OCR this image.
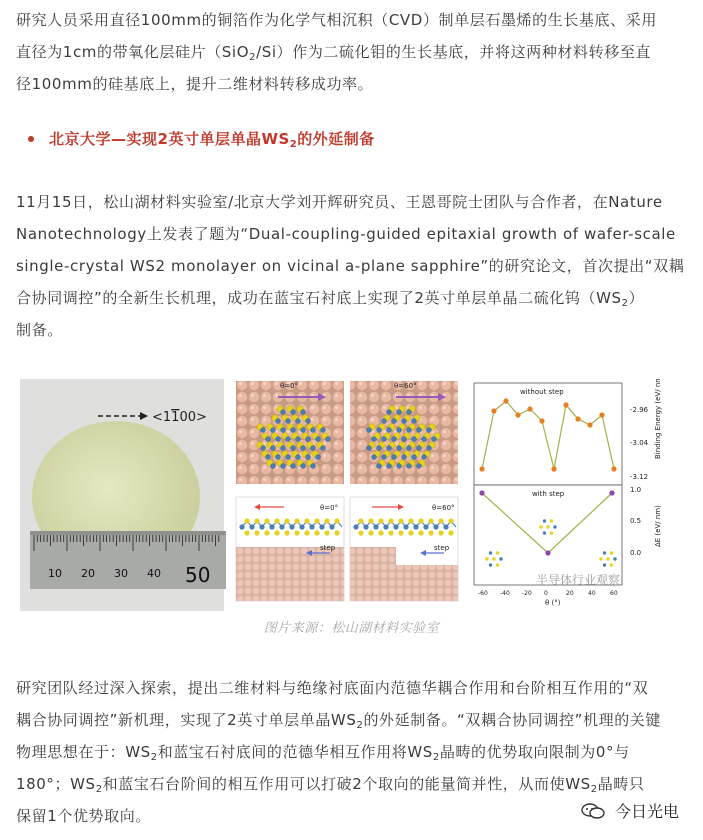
研究人员采用直径100mm的铜箔作为化学气相沉积（CVD）制单层石墨烯的生长基底、采用

直径为1cm的带氧化层硅片（SiO$_2$/Si）作为二硫化钼的生长基底，并将这两种材料转移至直

径100mm的硅基底上，提升二维材料转移成功率。

北京大学—实现2英寸单层单晶$WS_2$的外延制备

11月15日，松山湖材料实验室/北京大学刘开辉研究员、王恩哥院士团队与合作者，在Nature

Nanotechnology上发表了题为“Dual-coupling-guided epitaxial growth of wafer-scale

single-crystal WS2 monolayer on vicinal a-plane sapphire”的研究论文，首次提出“双耦

合协同调控”的全新生长机理，成功在蓝宝石衬底上实现了2英寸单层单晶二硫化钨$(WS_2)$

制备。

<1100>
10 20 30 40 50
θ=0°	θ=60°
θ=0°
step
θ=60°
step
without step
-2.96
-3.04
-3.12
Binding Energy (eV/ nm)
with step	1.0
0.5
0.0
ΔE (eV/ nm)
-60 -40 -20 0	20 40 60
θ (°)
半导体行业观察
图片来源：松山湖材料实验室

研究团队经过深入探索，提出二维材料与绝缘衬底面内范德华耦合作用和台阶相互作用的“双

耦合协同调控”新机理，实现了2英寸单层单晶$WS_2$的外延制备。“双耦合协同调控”机理的关键

物理思想在于：$WS_2$和蓝宝石衬底间的范德华相互作用将$WS_2$晶畴的优势取向限制为0°与

180°；$WS_2$和蓝宝石台阶间的相互作用可以打破2个取向的能量简并性，从而使$WS_2$晶畴只

保留1个优势取向。	今日光电
